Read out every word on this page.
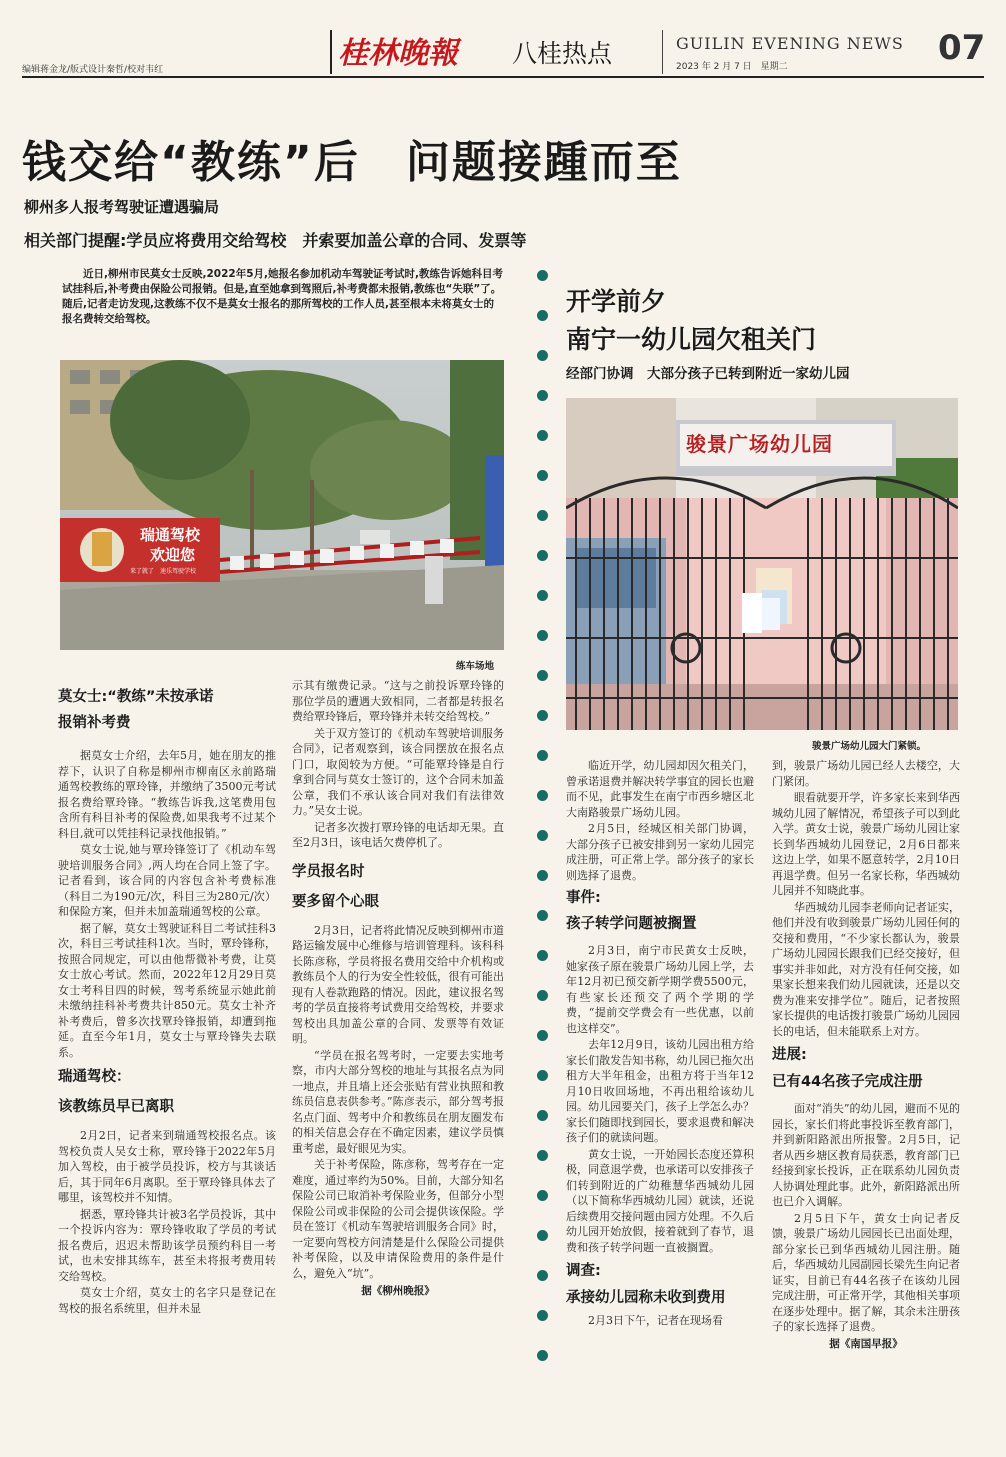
编辑蒋金龙/版式设计秦哲/校对韦红	桂林晚報 八桂热点	GUILIN EVENING NEWS
2023 年 2 月 7 日　星期二	07
钱交给“教练”后　问题接踵而至
柳州多人报考驾驶证遭遇骗局
相关部门提醒:学员应将费用交给驾校　并索要加盖公章的合同、发票等
近日,柳州市民莫女士反映,2022年5月,她报名参加机动车驾驶证考试时,教练告诉她科目考试挂科后,补考费由保险公司报销。但是,直至她拿到驾照后,补考费都未报销,教练也“失联”了。随后,记者走访发现,这教练不仅不是莫女士报名的那所驾校的工作人员,甚至根本未将莫女士的报名费转交给驾校。
瑞通驾校
欢迎您
来了就了　速乐驾驶学校
练车场地
莫女士:“教练”未按承诺
报销补考费

据莫女士介绍，去年5月，她在朋友的推荐下，认识了自称是柳州市柳南区永前路瑞通驾校教练的覃玲锋，并缴纳了3500元考试报名费给覃玲锋。“教练告诉我,这笔费用包含所有科目补考的保险费,如果我考不过某个科目,就可以凭挂科记录找他报销。”

莫女士说,她与覃玲锋签订了《机动车驾驶培训服务合同》,两人均在合同上签了字。记者看到，该合同的内容包含补考费标准（科目二为190元/次，科目三为280元/次）和保险方案，但并未加盖瑞通驾校的公章。

据了解，莫女士驾驶证科目二考试挂科3次，科目三考试挂科1次。当时，覃玲锋称，按照合同规定，可以由他帮微补考费，让莫女士放心考试。然而，2022年12月29日莫女士考科目四的时候，驾考系统显示她此前未缴纳挂科补考费共计850元。莫女士补齐补考费后，曾多次找覃玲锋报销，却遭到拖延。直至今年1月，莫女士与覃玲锋失去联系。

瑞通驾校：
该教练员早已离职

2月2日，记者来到瑞通驾校报名点。该驾校负责人吴女士称，覃玲锋于2022年5月加入驾校，由于被学员投诉，校方与其谈话后，其于同年6月离职。至于覃玲锋具体去了哪里，该驾校并不知情。

据悉，覃玲锋共计被3名学员投诉，其中一个投诉内容为：覃玲锋收取了学员的考试报名费后，迟迟未帮助该学员预约科目一考试，也未安排其练车，甚至未将报考费用转交给驾校。

莫女士介绍，莫女士的名字只是登记在驾校的报名系统里，但并未显

示其有缴费记录。“这与之前投诉覃玲锋的那位学员的遭遇大致相同，二者都是转报名费给覃玲锋后，覃玲锋并未转交给驾校。”

关于双方签订的《机动车驾驶培训服务合同》，记者观察到，该合同摆放在报名点门口，取阅较为方便。“可能覃玲锋是自行拿到合同与莫女士签订的，这个合同未加盖公章，我们不承认该合同对我们有法律效力。”吴女士说。

记者多次拨打覃玲锋的电话却无果。直至2月3日，该电话欠费停机了。

学员报名时
要多留个心眼

2月3日，记者将此情况反映到柳州市道路运输发展中心维修与培训管理科。该科科长陈彦称，学员将报名费用交给中介机构或教练员个人的行为安全性较低，很有可能出现有人卷款跑路的情况。因此，建议报名驾考的学员直接将考试费用交给驾校，并要求驾校出具加盖公章的合同、发票等有效证明。

“学员在报名驾考时，一定要去实地考察，市内大部分驾校的地址与其报名点为同一地点，并且墙上还会张贴有营业执照和教练员信息表供参考。”陈彦表示，部分驾考报名点门面、驾考中介和教练员在朋友圈发布的相关信息会存在不确定因素，建议学员慎重考虑，最好眼见为实。

关于补考保险，陈彦称，驾考存在一定难度，通过率约为50%。目前，大部分知名保险公司已取消补考保险业务，但部分小型保险公司或非保险的公司会提供该保险。学员在签订《机动车驾驶培训服务合同》时，一定要向驾校方问清楚是什么保险公司提供补考保险，以及申请保险费用的条件是什么，避免入“坑”。

据《柳州晚报》
开学前夕
南宁一幼儿园欠租关门
经部门协调　大部分孩子已转到附近一家幼儿园
骏景广场幼儿园
骏景广场幼儿园大门紧锁。

临近开学，幼儿园却因欠租关门，曾承诺退费并解决转学事宜的园长也避而不见，此事发生在南宁市西乡塘区北大南路骏景广场幼儿园。

2月5日，经城区相关部门协调，大部分孩子已被安排到另一家幼儿园完成注册，可正常上学。部分孩子的家长则选择了退费。

事件:
孩子转学问题被搁置

2月3日，南宁市民黄女士反映，她家孩子原在骏景广场幼儿园上学，去年12月初已预交新学期学费5500元，有些家长还预交了两个学期的学费，“提前交学费会有一些优惠，以前也这样交”。

去年12月9日，该幼儿园出租方给家长们散发告知书称，幼儿园已拖欠出租方大半年租金，出租方将于当年12月10日收回场地，不再出租给该幼儿园。幼儿园要关门，孩子上学怎么办？家长们随即找到园长，要求退费和解决孩子们的就读问题。

黄女士说，一开始园长态度还算积极，同意退学费，也承诺可以安排孩子们转到附近的广幼稚慧华西城幼儿园（以下简称华西城幼儿园）就读，还说后续费用交接问题由园方处理。不久后幼儿园开始放假，接着就到了春节，退费和孩子转学问题一直被搁置。

调查:
承接幼儿园称未收到费用

2月3日下午，记者在现场看

到，骏景广场幼儿园已经人去楼空，大门紧闭。

眼看就要开学，许多家长来到华西城幼儿园了解情况，希望孩子可以到此入学。黄女士说，骏景广场幼儿园让家长到华西城幼儿园登记，2月6日都来这边上学，如果不愿意转学，2月10日再退学费。但另一名家长称，华西城幼儿园并不知晓此事。

华西城幼儿园李老师向记者证实，他们并没有收到骏景广场幼儿园任何的交接和费用，“不少家长都认为，骏景广场幼儿园园长跟我们已经交接好，但事实并非如此，对方没有任何交接，如果家长想来我们幼儿园就读，还是以交费为准来安排学位”。随后，记者按照家长提供的电话拨打骏景广场幼儿园园长的电话，但未能联系上对方。

进展:
已有44名孩子完成注册

面对“消失”的幼儿园，避而不见的园长，家长们将此事投诉至教育部门，并到新阳路派出所报警。2月5日，记者从西乡塘区教育局获悉，教育部门已经接到家长投诉，正在联系幼儿园负责人协调处理此事。此外，新阳路派出所也已介入调解。

2月5日下午，黄女士向记者反馈，骏景广场幼儿园园长已出面处理，部分家长已到华西城幼儿园注册。随后，华西城幼儿园副园长梁先生向记者证实，目前已有44名孩子在该幼儿园完成注册，可正常开学，其他相关事项在逐步处理中。据了解，其余未注册孩子的家长选择了退费。

据《南国早报》
